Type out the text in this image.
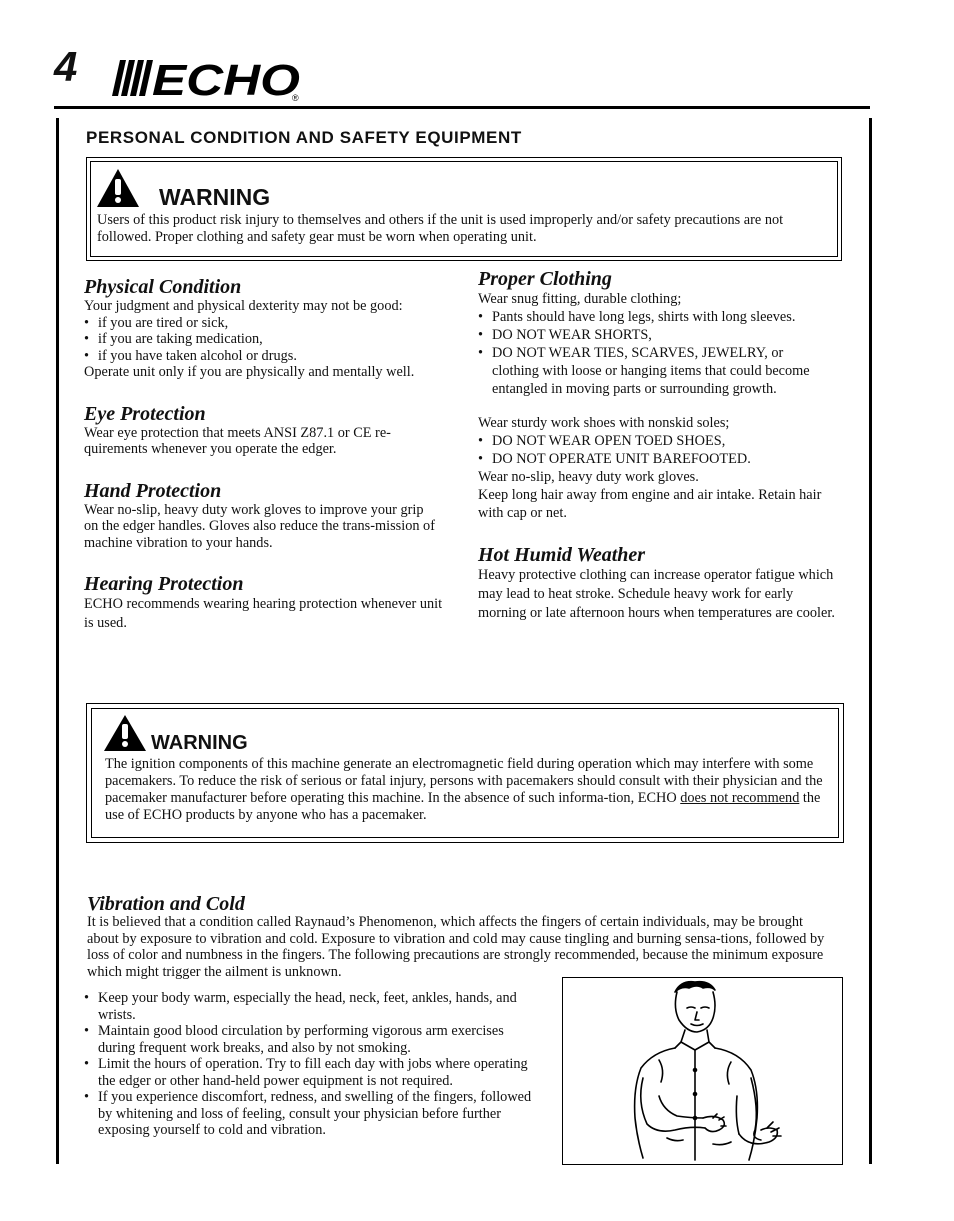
4 ECHO
®
PERSONAL CONDITION AND SAFETY EQUIPMENT
WARNING
Users of this product risk injury to themselves and others if the unit is used improperly and/or safety precautions are not followed. Proper clothing and safety gear must be worn when operating unit.
Physical Condition

Your judgment and physical dexterity may not be good:

• if you are tired or sick,

• if you are taking medication,

• if you have taken alcohol or drugs.

Operate unit only if you are physically and mentally well.

Eye Protection
Wear eye protection that meets ANSI Z87.1 or CE re-quirements whenever you operate the edger.
Hand Protection
Wear no-slip, heavy duty work gloves to improve your grip on the edger handles. Gloves also reduce the trans-mission of machine vibration to your hands.
Hearing Protection
ECHO recommends wearing hearing protection whenever unit is used.
Proper Clothing

Wear snug fitting, durable clothing;

• Pants should have long legs, shirts with long sleeves.

• DO NOT WEAR SHORTS,

• DO NOT WEAR TIES, SCARVES, JEWELRY, or clothing with loose or hanging items that could become entangled in moving parts or surrounding growth.

Wear sturdy work shoes with nonskid soles;

• DO NOT WEAR OPEN TOED SHOES,

• DO NOT OPERATE UNIT BAREFOOTED.

Wear no-slip, heavy duty work gloves.

Keep long hair away from engine and air intake. Retain hair with cap or net.

Hot Humid Weather
Heavy protective clothing can increase operator fatigue which may lead to heat stroke. Schedule heavy work for early morning or late afternoon hours when temperatures are cooler.
WARNING
The ignition components of this machine generate an electromagnetic field during operation which may interfere with some pacemakers. To reduce the risk of serious or fatal injury, persons with pacemakers should consult with their physician and the pacemaker manufacturer before operating this machine. In the absence of such informa-tion, ECHO does not recommend the use of ECHO products by anyone who has a pacemaker.
Vibration and Cold
It is believed that a condition called Raynaud’s Phenomenon, which affects the fingers of certain individuals, may be brought about by exposure to vibration and cold. Exposure to vibration and cold may cause tingling and burning sensa-tions, followed by loss of color and numbness in the fingers. The following precautions are strongly recommended, because the minimum exposure which might trigger the ailment is unknown.

• Keep your body warm, especially the head, neck, feet, ankles, hands, and wrists.

• Maintain good blood circulation by performing vigorous arm exercises during frequent work breaks, and also by not smoking.

• Limit the hours of operation. Try to fill each day with jobs where operating the edger or other hand-held power equipment is not required.

• If you experience discomfort, redness, and swelling of the fingers, followed by whitening and loss of feeling, consult your physician before further exposing yourself to cold and vibration.
